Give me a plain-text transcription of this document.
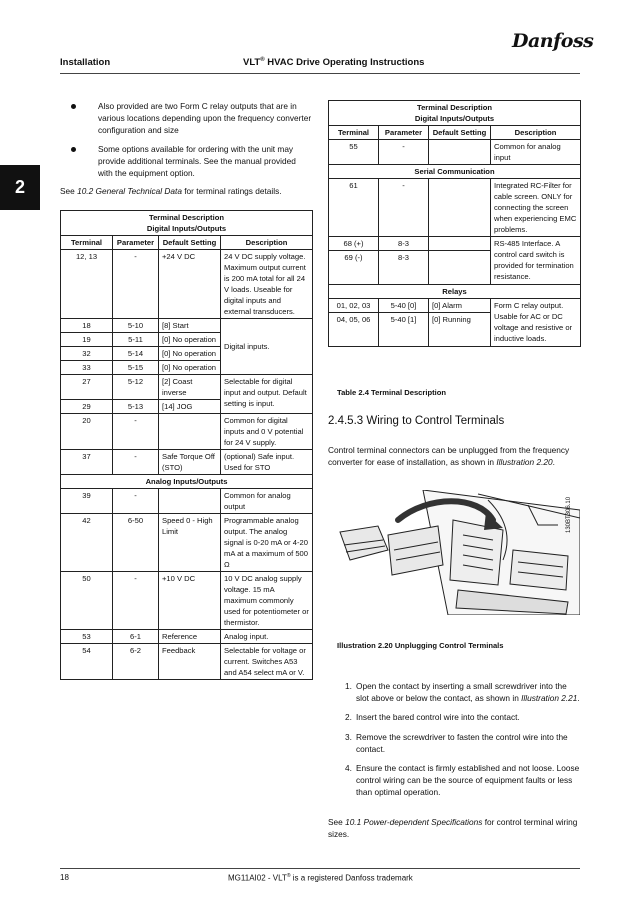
Installation	VLT® HVAC Drive Operating Instructions
Danfoss
2
Also provided are two Form C relay outputs that are in various locations depending upon the frequency converter configuration and size
Some options available for ordering with the unit may provide additional terminals. See the manual provided with the equipment option.
See 10.2 General Technical Data for terminal ratings details.
Terminal Description
Digital Inputs/Outputs			
Terminal	Parameter	Default Setting	Description
12, 13	-	+24 V DC	24 V DC supply voltage. Maximum output current is 200 mA total for all 24 V loads. Useable for digital inputs and external transducers.
18	5-10	[8] Start	Digital inputs.
19	5-11	[0] No operation	
32	5-14	[0] No operation	
33	5-15	[0] No operation	
27	5-12	[2] Coast inverse	Selectable for digital input and output. Default setting is input.
29	5-13	[14] JOG	
20	-		Common for digital inputs and 0 V potential for 24 V supply.
37	-	Safe Torque Off (STO)	(optional) Safe input. Used for STO
Analog Inputs/Outputs			
39	-		Common for analog output
42	6-50	Speed 0 - High Limit	Programmable analog output. The analog signal is 0-20 mA or 4-20 mA at a maximum of 500 Ω
50	-	+10 V DC	10 V DC analog supply voltage. 15 mA maximum commonly used for potentiometer or thermistor.
53	6-1	Reference	Analog input.
54	6-2	Feedback	Selectable for voltage or current. Switches A53 and A54 select mA or V.
Terminal Description
Digital Inputs/Outputs			
Terminal	Parameter	Default Setting	Description
55	-		Common for analog input
Serial Communication			
61	-		Integrated RC-Filter for cable screen. ONLY for connecting the screen when experiencing EMC problems.
68 (+)	8-3		RS-485 Interface. A control card switch is provided for termination resistance.
69 (-)	8-3		
Relays			
01, 02, 03	5-40 [0]	[0] Alarm	Form C relay output. Usable for AC or DC voltage and resistive or inductive loads.
04, 05, 06	5-40 [1]	[0] Running	
Table 2.4 Terminal Description
2.4.5.3 Wiring to Control Terminals
Control terminal connectors can be unplugged from the frequency converter for ease of installation, as shown in Illustration 2.20.
130BT306.10
Illustration 2.20 Unplugging Control Terminals
1. Open the contact by inserting a small screwdriver into the slot above or below the contact, as shown in Illustration 2.21.
2. Insert the bared control wire into the contact.
3. Remove the screwdriver to fasten the control wire into the contact.
4. Ensure the contact is firmly established and not loose. Loose control wiring can be the source of equipment faults or less than optimal operation.
See 10.1 Power-dependent Specifications for control terminal wiring sizes.
18	MG11AI02 - VLT® is a registered Danfoss trademark
